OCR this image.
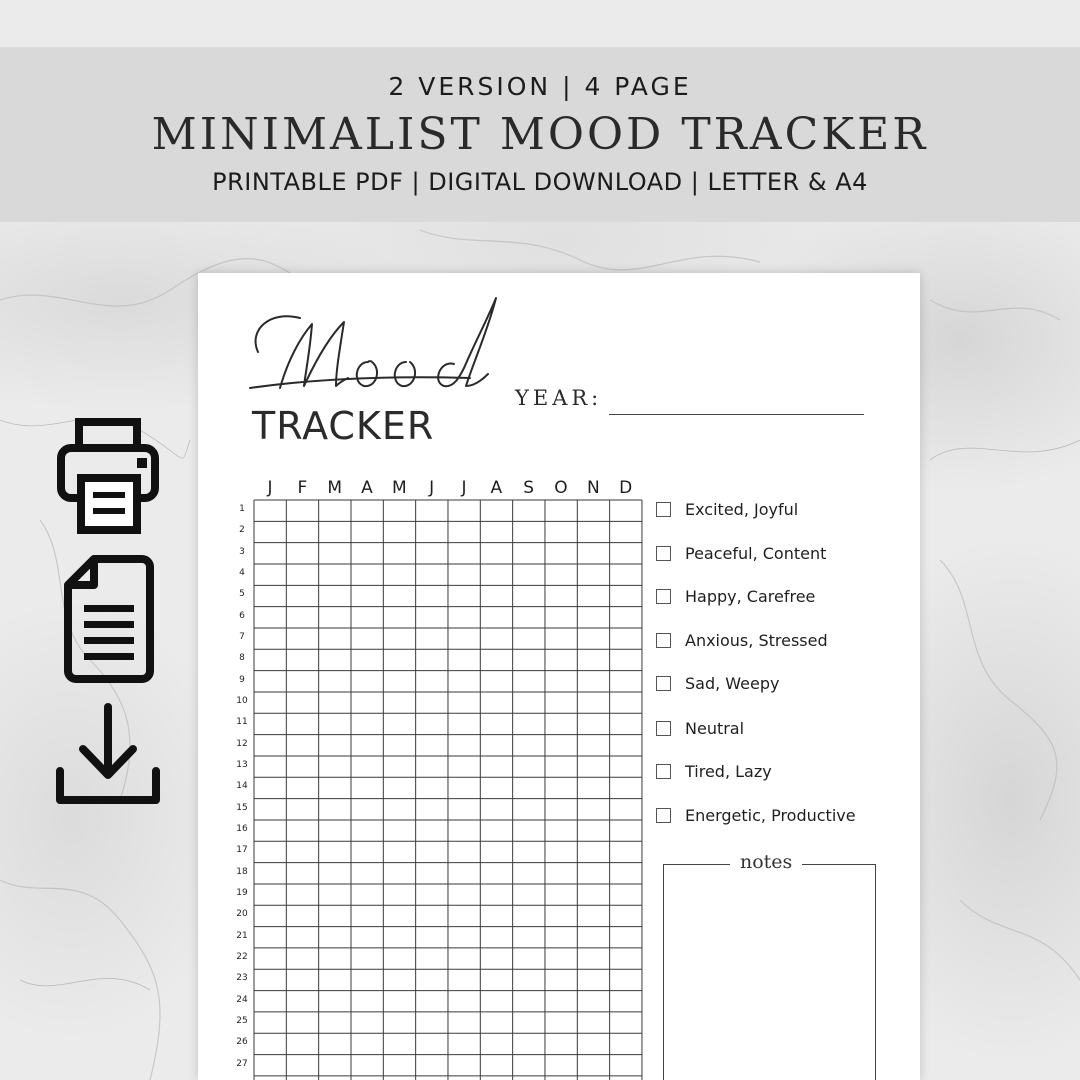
2 VERSION | 4 PAGE
MINIMALIST MOOD TRACKER
PRINTABLE PDF | DIGITAL DOWNLOAD | LETTER & A4
TRACKER
YEAR:
J	F	M	A	M	J	J	A	S	O	N	D
1
2
3
4
5
6
7
8
9
10
11
12
13
14
15
16
17
18
19
20
21
22
23
24
25
26
27
Excited, Joyful
Peaceful, Content
Happy, Carefree
Anxious, Stressed
Sad, Weepy
Neutral
Tired, Lazy
Energetic, Productive
notes
